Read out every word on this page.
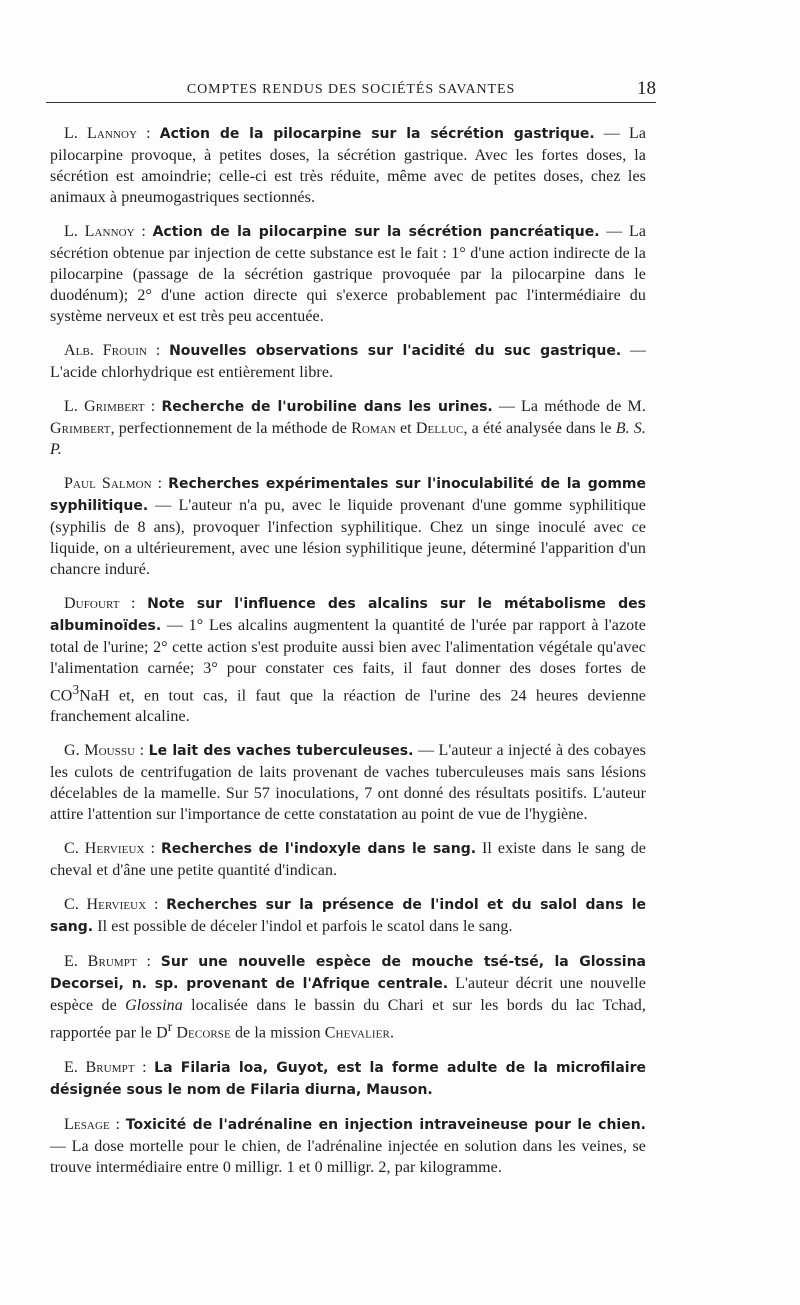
COMPTES RENDUS DES SOCIÉTÉS SAVANTES	18

L. Lannoy : Action de la pilocarpine sur la sécrétion gastrique. — La pilocarpine provoque, à petites doses, la sécrétion gastrique. Avec les fortes doses, la sécrétion est amoindrie; celle-ci est très réduite, même avec de petites doses, chez les animaux à pneumogastriques sectionnés.

L. Lannoy : Action de la pilocarpine sur la sécrétion pancréatique. — La sécrétion obtenue par injection de cette substance est le fait : 1° d'une action indirecte de la pilocarpine (passage de la sécrétion gastrique provoquée par la pilocarpine dans le duodénum); 2° d'une action directe qui s'exerce probablement pac l'intermédiaire du système nerveux et est très peu accentuée.

Alb. Frouin : Nouvelles observations sur l'acidité du suc gastrique. — L'acide chlorhydrique est entièrement libre.

L. Grimbert : Recherche de l'urobiline dans les urines. — La méthode de M. Grimbert, perfectionnement de la méthode de Roman et Delluc, a été analysée dans le B. S. P.

Paul Salmon : Recherches expérimentales sur l'inoculabilité de la gomme syphilitique. — L'auteur n'a pu, avec le liquide provenant d'une gomme syphilitique (syphilis de 8 ans), provoquer l'infection syphilitique. Chez un singe inoculé avec ce liquide, on a ultérieurement, avec une lésion syphilitique jeune, déterminé l'apparition d'un chancre induré.

Dufourt : Note sur l'influence des alcalins sur le métabolisme des albuminoïdes. — 1° Les alcalins augmentent la quantité de l'urée par rapport à l'azote total de l'urine; 2° cette action s'est produite aussi bien avec l'alimentation végétale qu'avec l'alimentation carnée; 3° pour constater ces faits, il faut donner des doses fortes de $CO^3NaH$ et, en tout cas, il faut que la réaction de l'urine des 24 heures devienne franchement alcaline.

G. Moussu : Le lait des vaches tuberculeuses. — L'auteur a injecté à des cobayes les culots de centrifugation de laits provenant de vaches tuberculeuses mais sans lésions décelables de la mamelle. Sur 57 inoculations, 7 ont donné des résultats positifs. L'auteur attire l'attention sur l'importance de cette constatation au point de vue de l'hygiène.

C. Hervieux : Recherches de l'indoxyle dans le sang. Il existe dans le sang de cheval et d'âne une petite quantité d'indican.

C. Hervieux : Recherches sur la présence de l'indol et du salol dans le sang. Il est possible de déceler l'indol et parfois le scatol dans le sang.

E. Brumpt : Sur une nouvelle espèce de mouche tsé-tsé, la Glossina Decorsei, n. sp. provenant de l'Afrique centrale. L'auteur décrit une nouvelle espèce de Glossina localisée dans le bassin du Chari et sur les bords du lac Tchad, rapportée par le $D^r$ Decorse de la mission Chevalier.

E. Brumpt : La Filaria loa, Guyot, est la forme adulte de la microfilaire désignée sous le nom de Filaria diurna, Mauson.

Lesage : Toxicité de l'adrénaline en injection intraveineuse pour le chien. — La dose mortelle pour le chien, de l'adrénaline injectée en solution dans les veines, se trouve intermédiaire entre 0 milligr. 1 et 0 milligr. 2, par kilogramme.
